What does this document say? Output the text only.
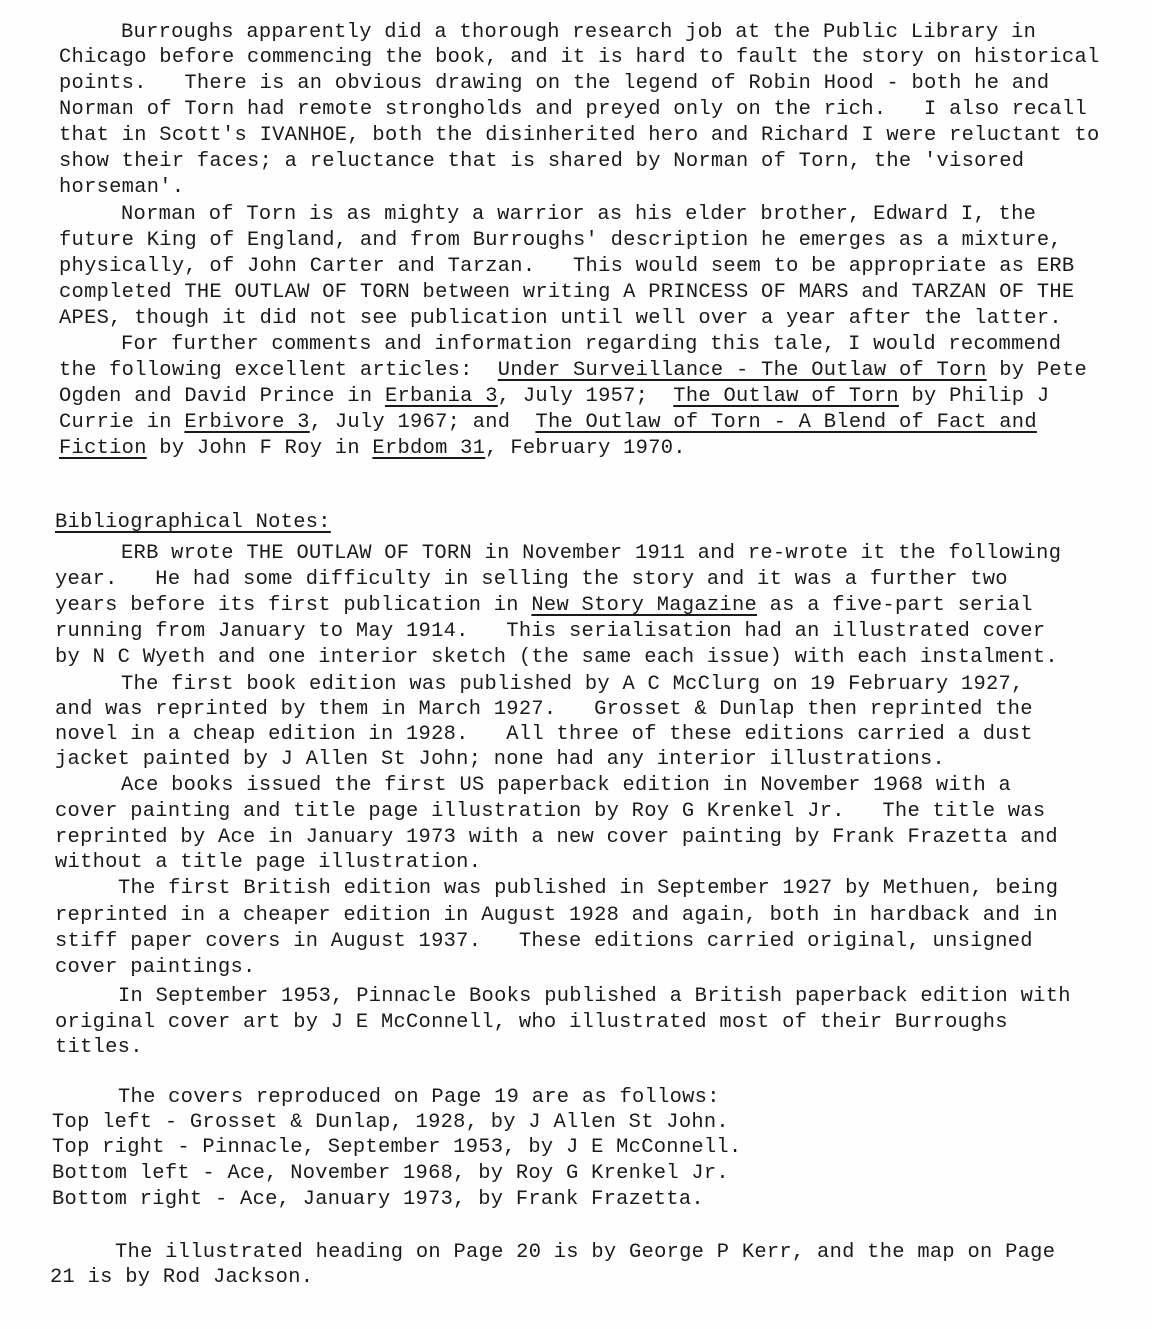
Burroughs apparently did a thorough research job at the Public Library in
Chicago before commencing the book, and it is hard to fault the story on historical
points.   There is an obvious drawing on the legend of Robin Hood - both he and
Norman of Torn had remote strongholds and preyed only on the rich.   I also recall
that in Scott's IVANHOE, both the disinherited hero and Richard I were reluctant to
show their faces; a reluctance that is shared by Norman of Torn, the 'visored
horseman'.
Norman of Torn is as mighty a warrior as his elder brother, Edward I, the
future King of England, and from Burroughs' description he emerges as a mixture,
physically, of John Carter and Tarzan.   This would seem to be appropriate as ERB
completed THE OUTLAW OF TORN between writing A PRINCESS OF MARS and TARZAN OF THE
APES, though it did not see publication until well over a year after the latter.
For further comments and information regarding this tale, I would recommend
the following excellent articles:  Under Surveillance - The Outlaw of Torn by Pete
Ogden and David Prince in Erbania 3, July 1957;  The Outlaw of Torn by Philip J
Currie in Erbivore 3, July 1967; and  The Outlaw of Torn - A Blend of Fact and
Fiction by John F Roy in Erbdom 31, February 1970.
Bibliographical Notes:
ERB wrote THE OUTLAW OF TORN in November 1911 and re-wrote it the following
year.   He had some difficulty in selling the story and it was a further two
years before its first publication in New Story Magazine as a five-part serial
running from January to May 1914.   This serialisation had an illustrated cover
by N C Wyeth and one interior sketch (the same each issue) with each instalment.
The first book edition was published by A C McClurg on 19 February 1927,
and was reprinted by them in March 1927.   Grosset & Dunlap then reprinted the
novel in a cheap edition in 1928.   All three of these editions carried a dust
jacket painted by J Allen St John; none had any interior illustrations.
Ace books issued the first US paperback edition in November 1968 with a
cover painting and title page illustration by Roy G Krenkel Jr.   The title was
reprinted by Ace in January 1973 with a new cover painting by Frank Frazetta and
without a title page illustration.
The first British edition was published in September 1927 by Methuen, being
reprinted in a cheaper edition in August 1928 and again, both in hardback and in
stiff paper covers in August 1937.   These editions carried original, unsigned
cover paintings.
In September 1953, Pinnacle Books published a British paperback edition with
original cover art by J E McConnell, who illustrated most of their Burroughs
titles.
The covers reproduced on Page 19 are as follows:
Top left - Grosset & Dunlap, 1928, by J Allen St John.
Top right - Pinnacle, September 1953, by J E McConnell.
Bottom left - Ace, November 1968, by Roy G Krenkel Jr.
Bottom right - Ace, January 1973, by Frank Frazetta.
The illustrated heading on Page 20 is by George P Kerr, and the map on Page
21 is by Rod Jackson.
